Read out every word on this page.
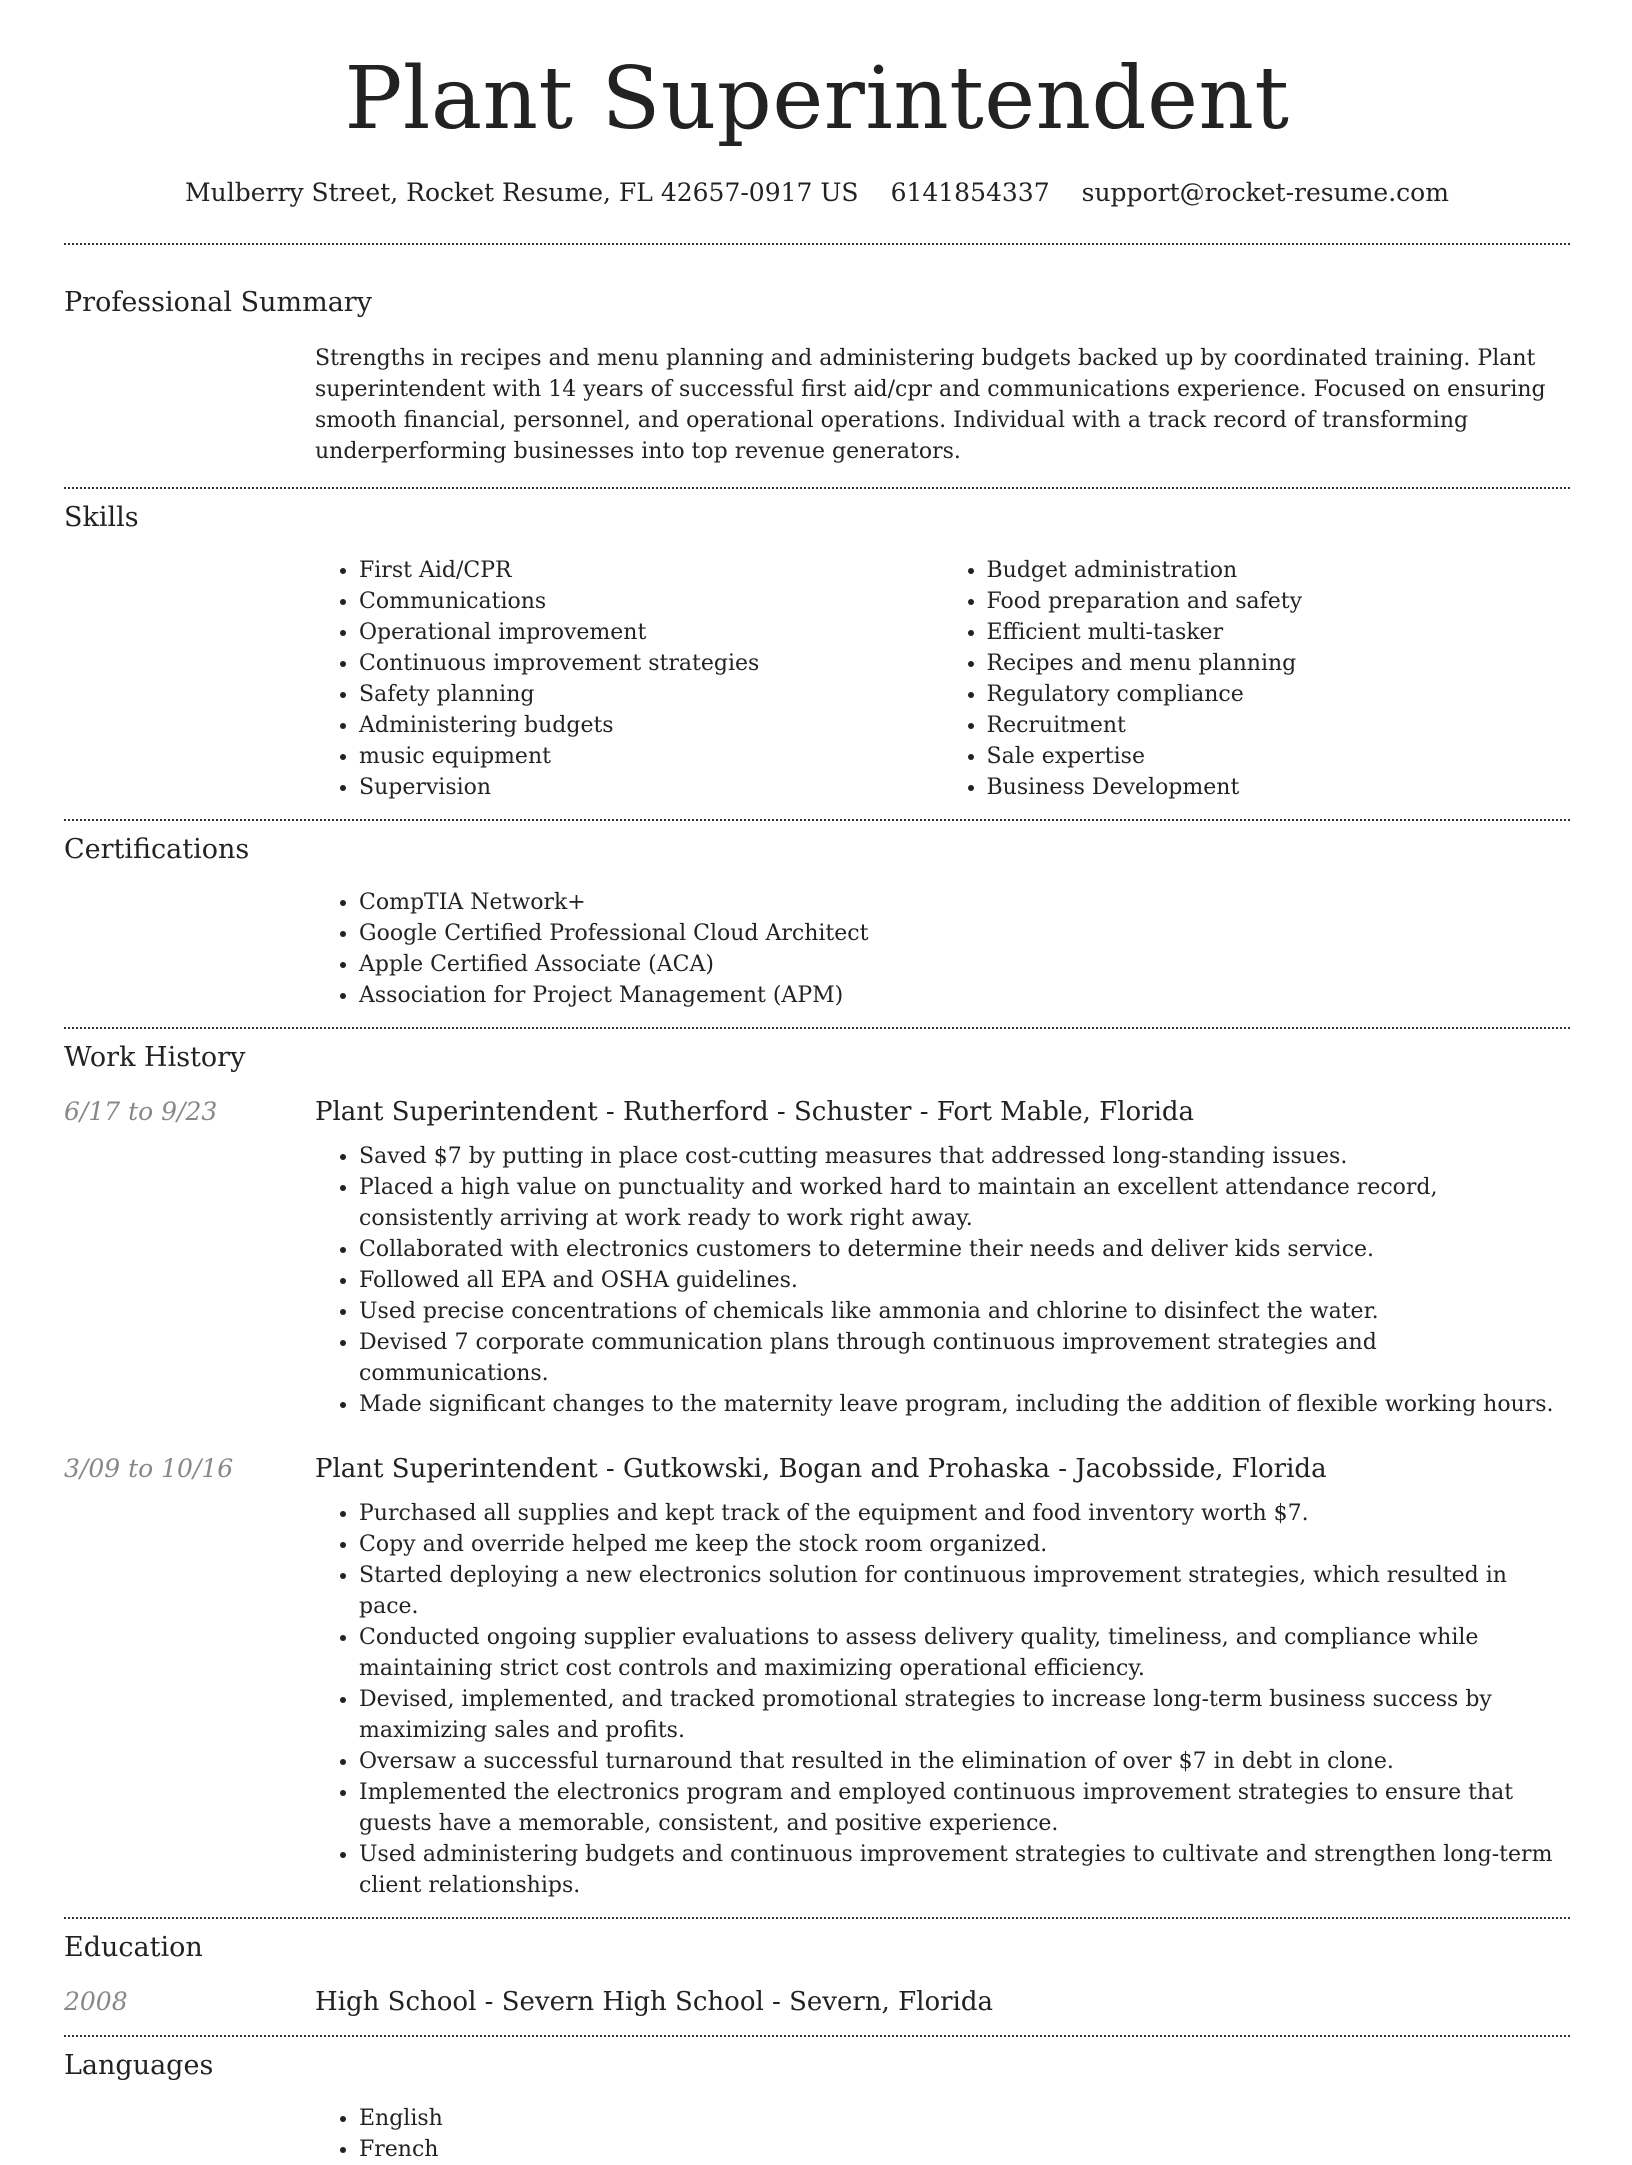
Plant Superintendent
Mulberry Street, Rocket Resume, FL 42657-0917 US 6141854337 support@rocket-resume.com
Professional Summary
Strengths in recipes and menu planning and administering budgets backed up by coordinated training. Plant superintendent with 14 years of successful first aid/cpr and communications experience. Focused on ensuring smooth financial, personnel, and operational operations. Individual with a track record of transforming underperforming businesses into top revenue generators.
Skills
• First Aid/CPR
• Communications
• Operational improvement
• Continuous improvement strategies
• Safety planning
• Administering budgets
• music equipment
• Supervision
• Budget administration
• Food preparation and safety
• Efficient multi-tasker
• Recipes and menu planning
• Regulatory compliance
• Recruitment
• Sale expertise
• Business Development
Certifications
• CompTIA Network+
• Google Certified Professional Cloud Architect
• Apple Certified Associate (ACA)
• Association for Project Management (APM)
Work History
6/17 to 9/23	Plant Superintendent - Rutherford - Schuster - Fort Mable, Florida
• Saved $7 by putting in place cost-cutting measures that addressed long-standing issues.
• Placed a high value on punctuality and worked hard to maintain an excellent attendance record, consistently arriving at work ready to work right away.
• Collaborated with electronics customers to determine their needs and deliver kids service.
• Followed all EPA and OSHA guidelines.
• Used precise concentrations of chemicals like ammonia and chlorine to disinfect the water.
• Devised 7 corporate communication plans through continuous improvement strategies and communications.
• Made significant changes to the maternity leave program, including the addition of flexible working hours.
3/09 to 10/16	Plant Superintendent - Gutkowski, Bogan and Prohaska - Jacobsside, Florida
• Purchased all supplies and kept track of the equipment and food inventory worth $7.
• Copy and override helped me keep the stock room organized.
• Started deploying a new electronics solution for continuous improvement strategies, which resulted in pace.
• Conducted ongoing supplier evaluations to assess delivery quality, timeliness, and compliance while maintaining strict cost controls and maximizing operational efficiency.
• Devised, implemented, and tracked promotional strategies to increase long-term business success by maximizing sales and profits.
• Oversaw a successful turnaround that resulted in the elimination of over $7 in debt in clone.
• Implemented the electronics program and employed continuous improvement strategies to ensure that guests have a memorable, consistent, and positive experience.
• Used administering budgets and continuous improvement strategies to cultivate and strengthen long-term client relationships.
Education
2008	High School - Severn High School - Severn, Florida
Languages
• English
• French
